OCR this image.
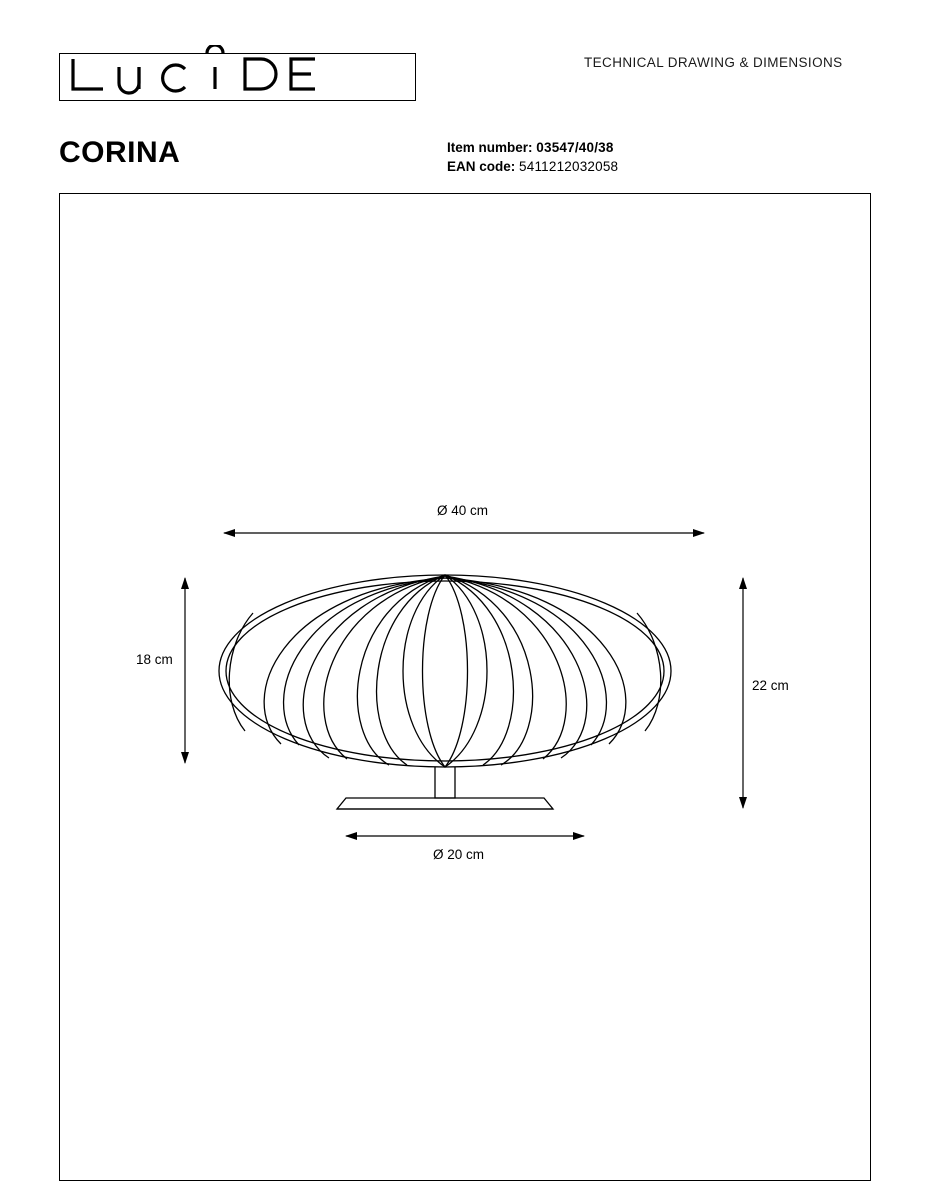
TECHNICAL DRAWING & DIMENSIONS
CORINA	Item number: 03547/40/38
EAN code: 5411212032058
Ø 40 cm
18 cm
22 cm
Ø 20 cm
